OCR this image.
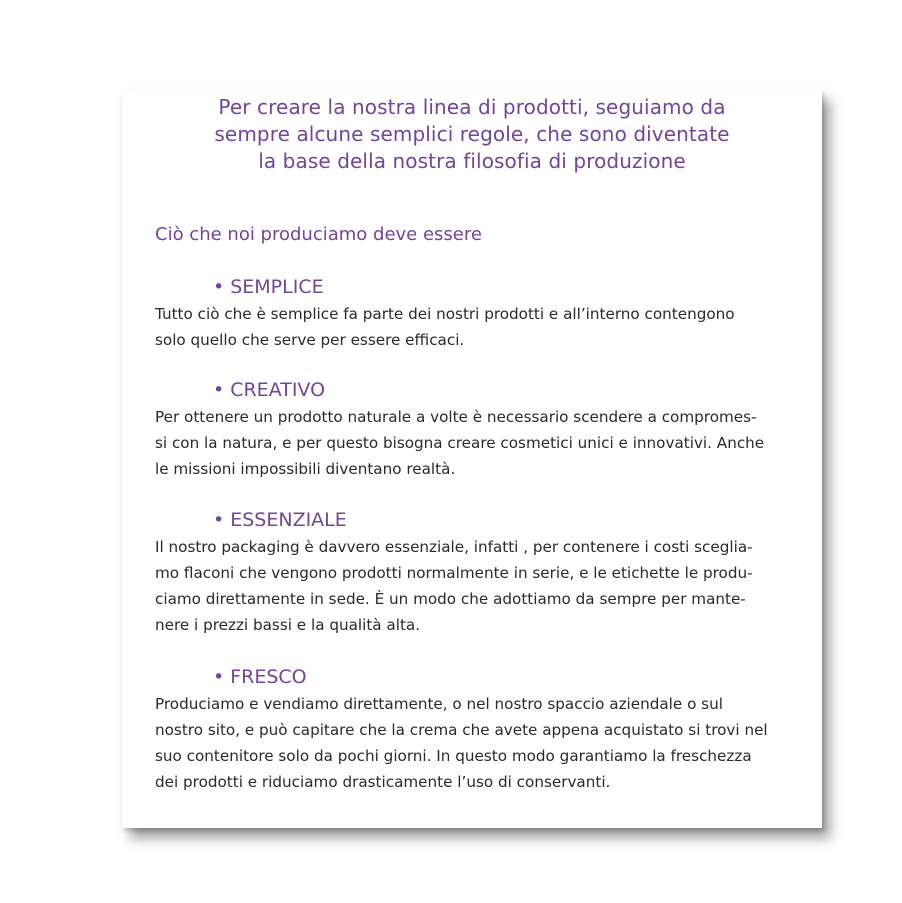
Per creare la nostra linea di prodotti, seguiamo da
sempre alcune semplici regole, che sono diventate
la base della nostra filosofia di produzione
Ciò che noi produciamo deve essere
• SEMPLICE
Tutto ciò che è semplice fa parte dei nostri prodotti e all’interno contengono
solo quello che serve per essere efficaci.
• CREATIVO
Per ottenere un prodotto naturale a volte è necessario scendere a compromes-
si con la natura, e per questo bisogna creare cosmetici unici e innovativi. Anche
le missioni impossibili diventano realtà.
• ESSENZIALE
Il nostro packaging è davvero essenziale, infatti , per contenere i costi sceglia-
mo flaconi che vengono prodotti normalmente in serie, e le etichette le produ-
ciamo direttamente in sede. È un modo che adottiamo da sempre per mante-
nere i prezzi bassi e la qualità alta.
• FRESCO
Produciamo e vendiamo direttamente, o nel nostro spaccio aziendale o sul
nostro sito, e può capitare che la crema che avete appena acquistato si trovi nel
suo contenitore solo da pochi giorni. In questo modo garantiamo la freschezza
dei prodotti e riduciamo drasticamente l’uso di conservanti.
